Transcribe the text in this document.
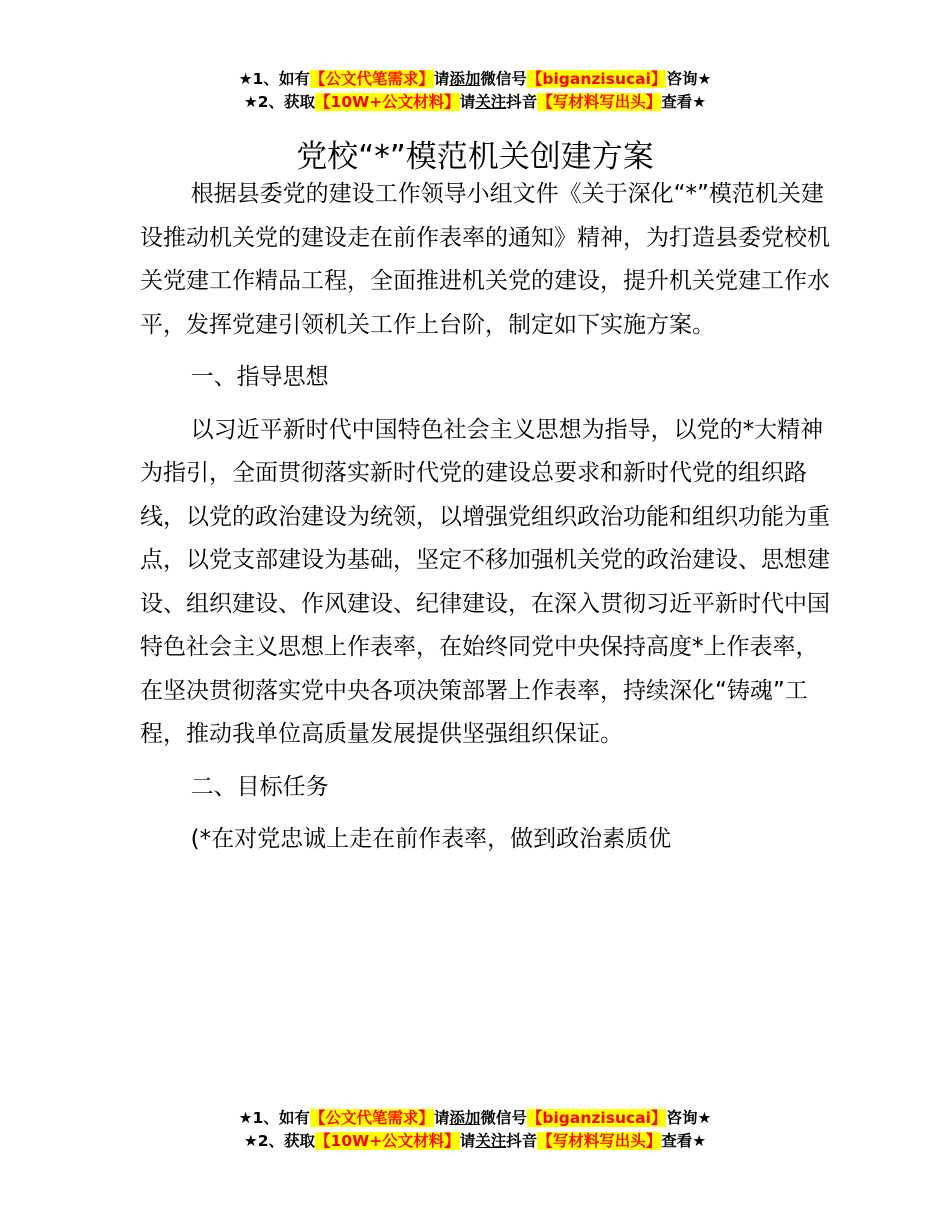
★1、如有【公文代笔需求】请添加微信号【biganzisucai】咨询★
★2、获取【10W+公文材料】请关注抖音【写材料写出头】查看★
党校“*”模范机关创建方案

根据县委党的建设工作领导小组文件《关于深化“*”模范机关建设推动机关党的建设走在前作表率的通知》精神，为打造县委党校机关党建工作精品工程，全面推进机关党的建设，提升机关党建工作水平，发挥党建引领机关工作上台阶，制定如下实施方案。

一、指导思想

以习近平新时代中国特色社会主义思想为指导，以党的*大精神为指引，全面贯彻落实新时代党的建设总要求和新时代党的组织路线，以党的政治建设为统领，以增强党组织政治功能和组织功能为重点，以党支部建设为基础，坚定不移加强机关党的政治建设、思想建设、组织建设、作风建设、纪律建设，在深入贯彻习近平新时代中国特色社会主义思想上作表率，在始终同党中央保持高度*上作表率，在坚决贯彻落实党中央各项决策部署上作表率，持续深化“铸魂”工程，推动我单位高质量发展提供坚强组织保证。

二、目标任务

(*在对党忠诚上走在前作表率，做到政治素质优

★1、如有【公文代笔需求】请添加微信号【biganzisucai】咨询★
★2、获取【10W+公文材料】请关注抖音【写材料写出头】查看★
